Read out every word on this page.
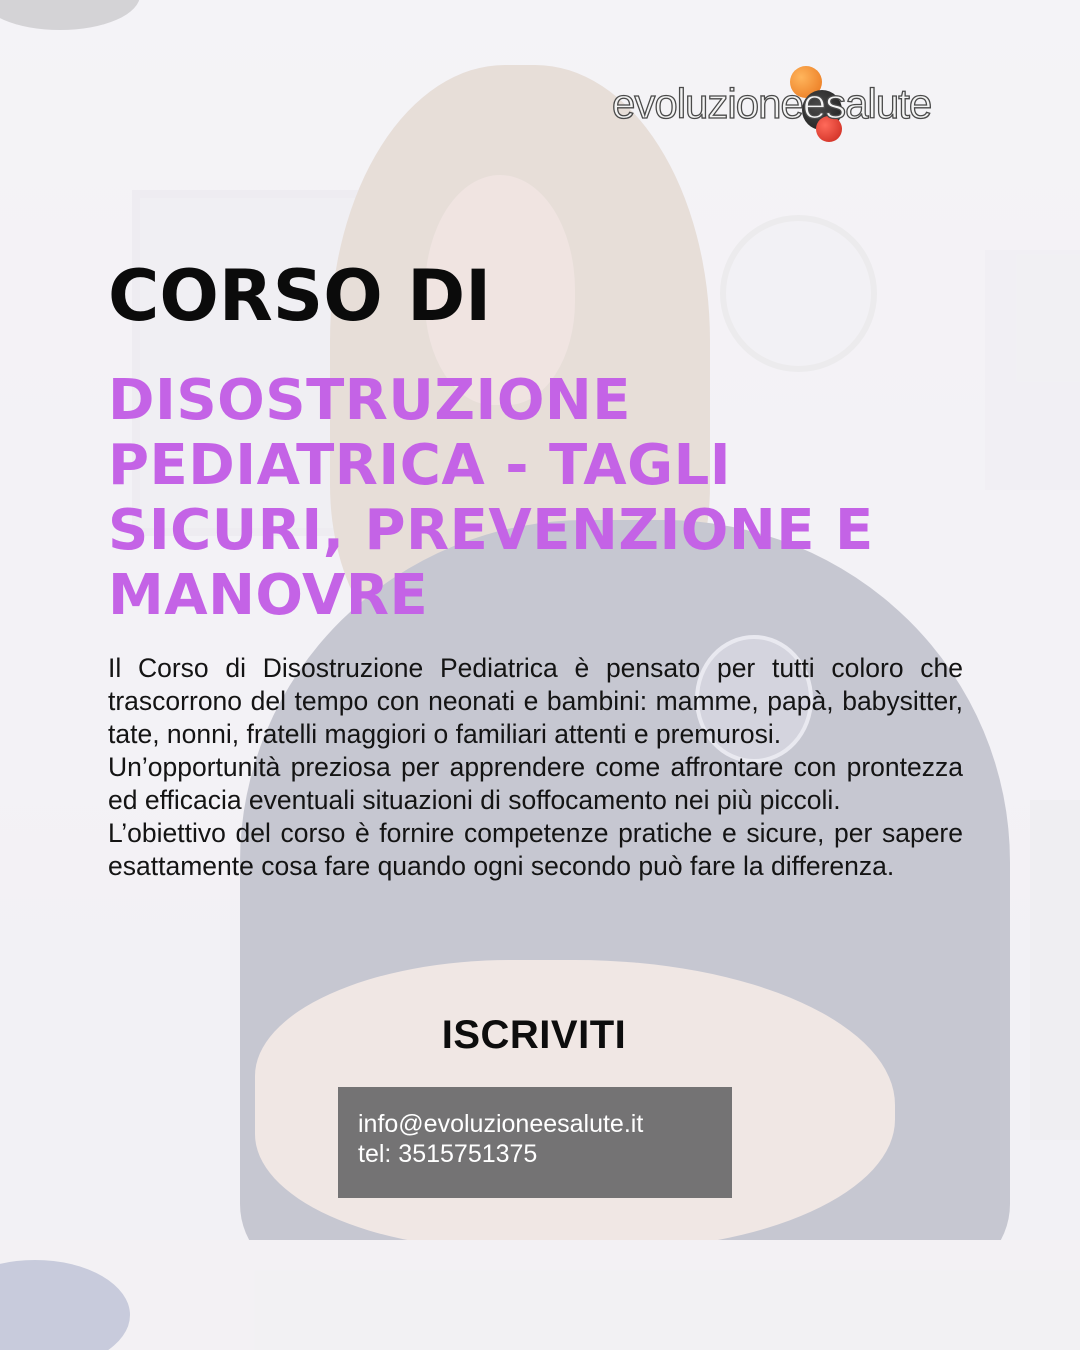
evoluzioneesalute
CORSO DI
DISOSTRUZIONE
PEDIATRICA - TAGLI
SICURI, PREVENZIONE E
MANOVRE

Il Corso di Disostruzione Pediatrica è pensato per tutti coloro che trascorrono del tempo con neonati e bambini: mamme, papà, babysitter, tate, nonni, fratelli maggiori o familiari attenti e premurosi.

Un’opportunità preziosa per apprendere come affrontare con prontezza ed efficacia eventuali situazioni di soffocamento nei più piccoli.

L’obiettivo del corso è fornire competenze pratiche e sicure, per sapere esattamente cosa fare quando ogni secondo può fare la differenza.

ISCRIVITI
info@evoluzioneesalute.it
tel: 3515751375
